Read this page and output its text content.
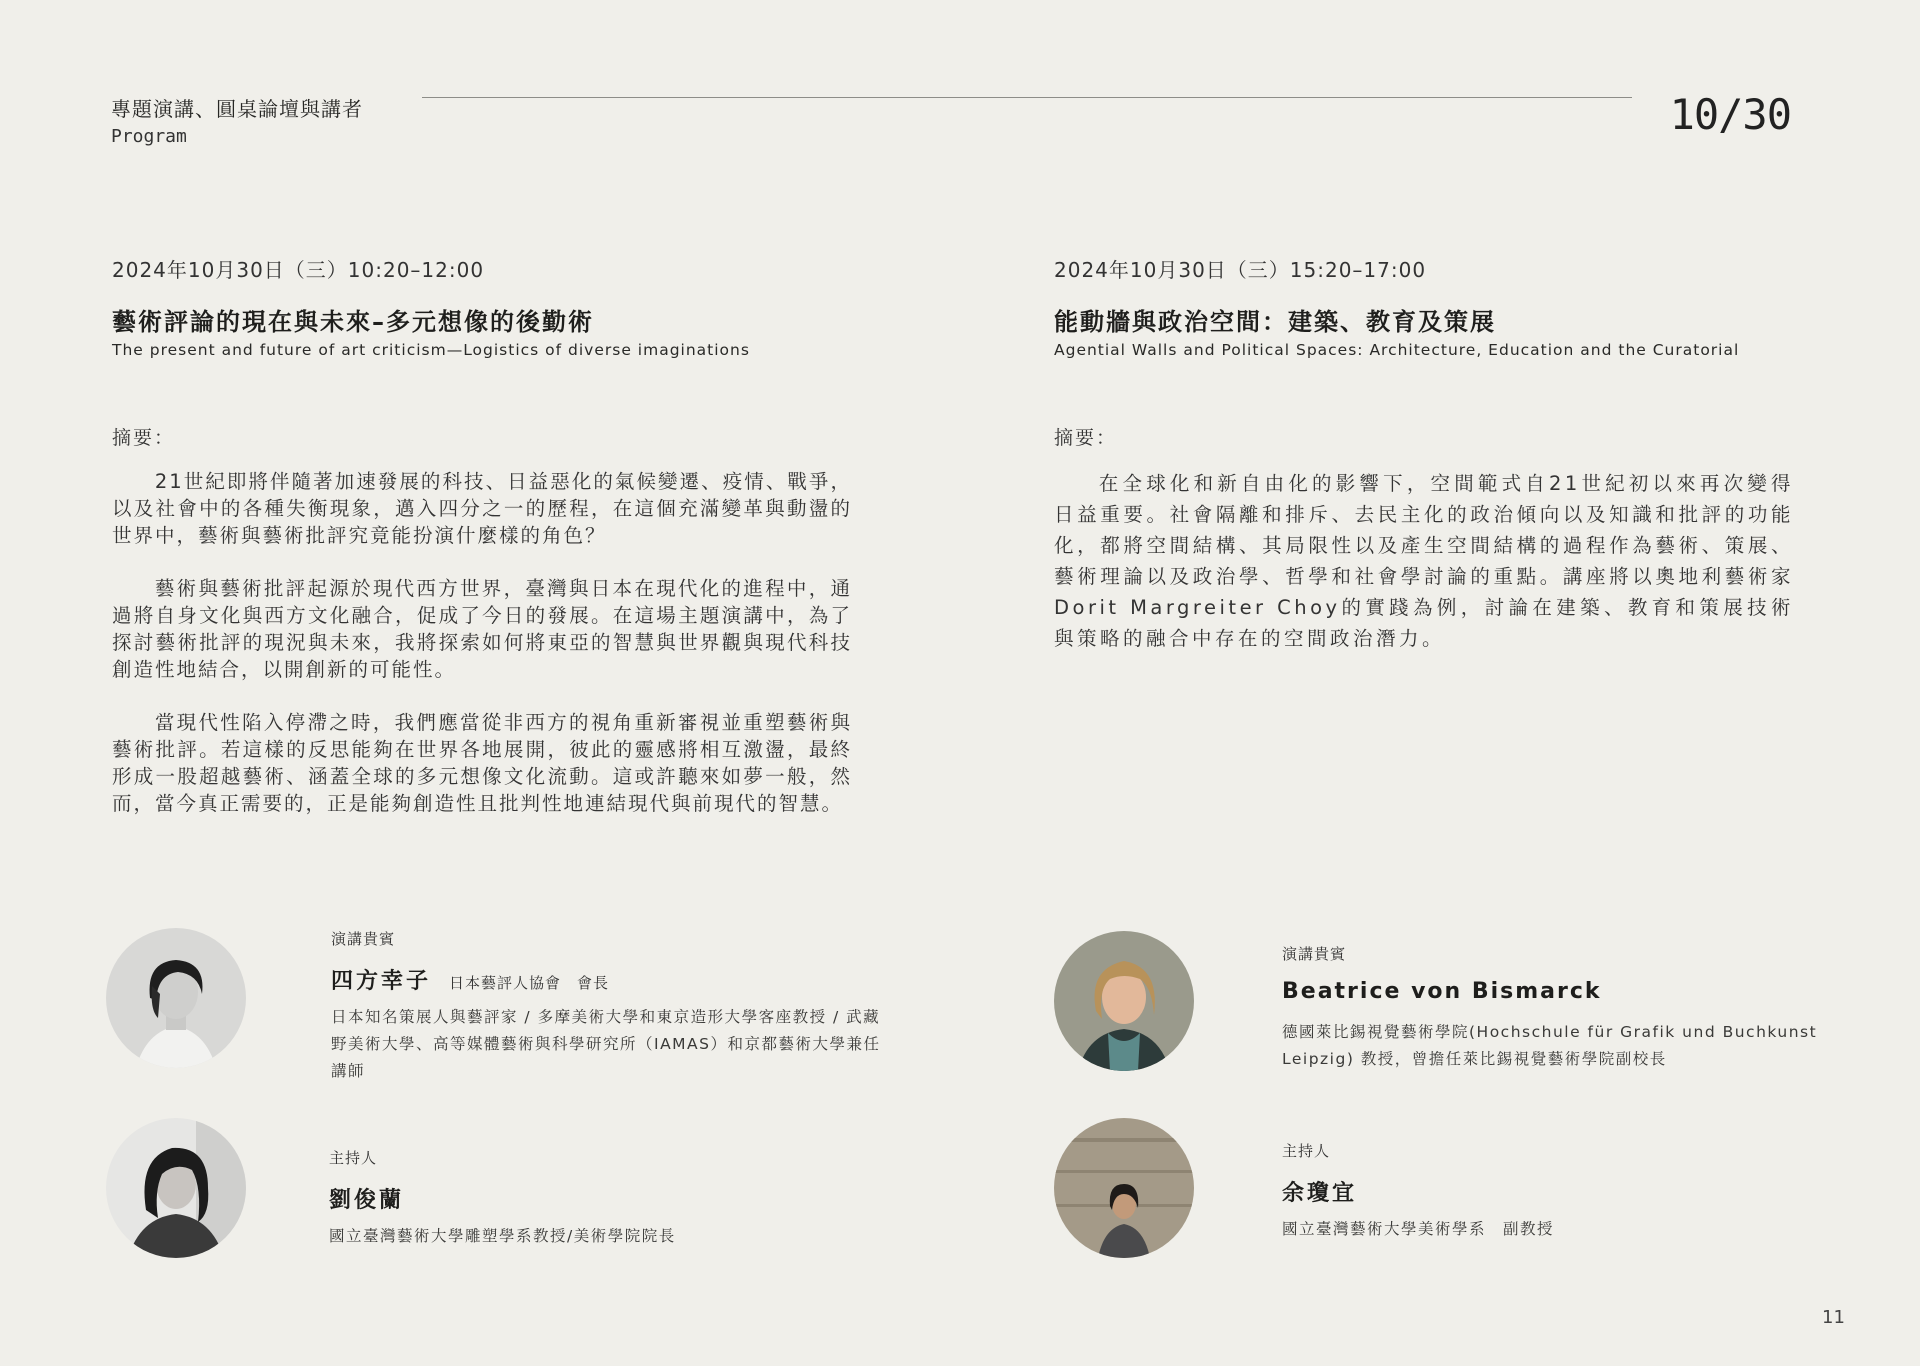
專題演講、圓桌論壇與講者
Program	10/30
2024年10月30日（三）10:20–12:00
藝術評論的現在與未來–多元想像的後勤術
The present and future of art criticism—Logistics of diverse imaginations
摘要：
2024年10月30日（三）15:20–17:00
能動牆與政治空間：建築、教育及策展
Agential Walls and Political Spaces: Architecture, Education and the Curatorial
摘要：

21世紀即將伴隨著加速發展的科技、日益惡化的氣候變遷、疫情、戰爭，以及社會中的各種失衡現象，邁入四分之一的歷程，在這個充滿變革與動盪的世界中，藝術與藝術批評究竟能扮演什麼樣的角色？

藝術與藝術批評起源於現代西方世界，臺灣與日本在現代化的進程中，通過將自身文化與西方文化融合，促成了今日的發展。在這場主題演講中，為了探討藝術批評的現況與未來，我將探索如何將東亞的智慧與世界觀與現代科技創造性地結合，以開創新的可能性。

當現代性陷入停滯之時，我們應當從非西方的視角重新審視並重塑藝術與藝術批評。若這樣的反思能夠在世界各地展開，彼此的靈感將相互激盪，最終形成一股超越藝術、涵蓋全球的多元想像文化流動。這或許聽來如夢一般，然而，當今真正需要的，正是能夠創造性且批判性地連結現代與前現代的智慧。

在全球化和新自由化的影響下，空間範式自21世紀初以來再次變得日益重要。社會隔離和排斥、去民主化的政治傾向以及知識和批評的功能化，都將空間結構、其局限性以及產生空間結構的過程作為藝術、策展、藝術理論以及政治學、哲學和社會學討論的重點。講座將以奧地利藝術家Dorit Margreiter Choy的實踐為例，討論在建築、教育和策展技術與策略的融合中存在的空間政治潛力。

演講貴賓
四方幸子 日本藝評人協會　會長
日本知名策展人與藝評家 / 多摩美術大學和東京造形大學客座教授 / 武藏野美術大學、高等媒體藝術與科學研究所（IAMAS）和京都藝術大學兼任講師
主持人
劉俊蘭
國立臺灣藝術大學雕塑學系教授/美術學院院長
演講貴賓
Beatrice von Bismarck
德國萊比錫視覺藝術學院(Hochschule für Grafik und Buchkunst Leipzig) 教授，曾擔任萊比錫視覺藝術學院副校長
主持人
余瓊宜
國立臺灣藝術大學美術學系　副教授
11
